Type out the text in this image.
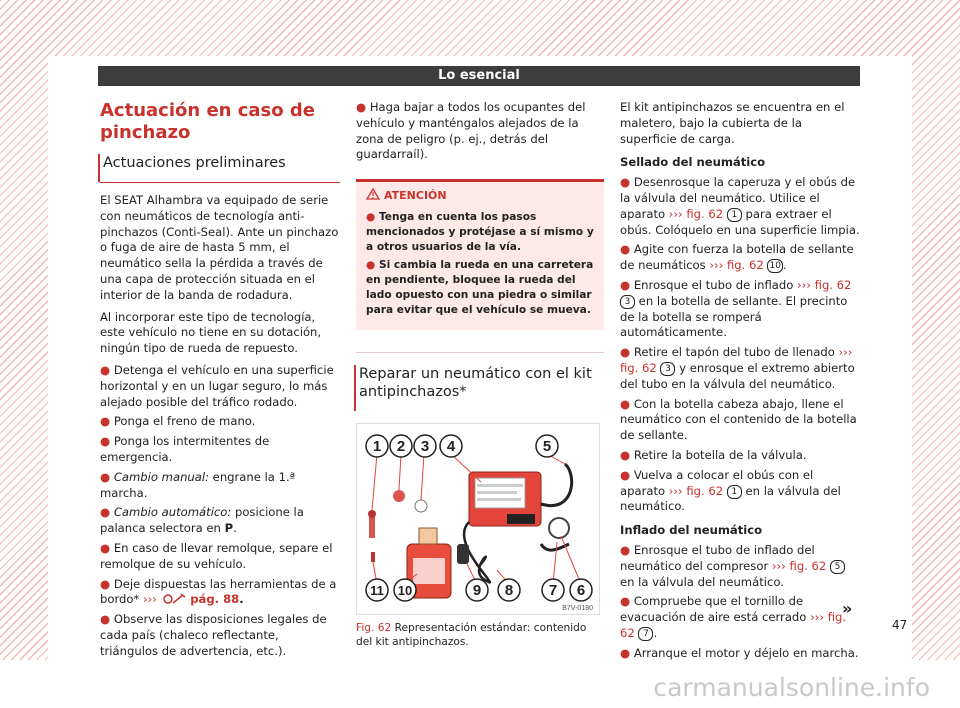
Lo esencial
Actuación en caso de pinchazo
Actuaciones preliminares

El SEAT Alhambra va equipado de serie con neumáticos de tecnología anti-pinchazos (Conti-Seal). Ante un pinchazo o fuga de aire de hasta 5 mm, el neumático sella la pérdida a través de una capa de protección situada en el interior de la banda de rodadura.

Al incorporar este tipo de tecnología, este vehículo no tiene en su dotación, ningún tipo de rueda de repuesto.

● Detenga el vehículo en una superficie horizontal y en un lugar seguro, lo más alejado posible del tráfico rodado.
● Ponga el freno de mano.
● Ponga los intermitentes de emergencia.
● Cambio manual: engrane la 1.ª marcha.
● Cambio automático: posicione la palanca selectora en P.
● En caso de llevar remolque, separe el remolque de su vehículo.
● Deje dispuestas las herramientas de a bordo* ›››	pág. 88.
● Observe las disposiciones legales de cada país (chaleco reflectante, triángulos de advertencia, etc.).
● Haga bajar a todos los ocupantes del vehículo y manténgalos alejados de la zona de peligro (p. ej., detrás del guardarraíl).
ATENCIÓN
● Tenga en cuenta los pasos mencionados y protéjase a sí mismo y a otros usuarios de la vía.
● Si cambia la rueda en una carretera en pendiente, bloquee la rueda del lado opuesto con una piedra o similar para evitar que el vehículo se mueva.
Reparar un neumático con el kit antipinchazos*
1 2 3 4	5
11 10	9 8 7 6
B7V-0180
Fig. 62 Representación estándar: contenido del kit antipinchazos.

El kit antipinchazos se encuentra en el maletero, bajo la cubierta de la superficie de carga.

Sellado del neumático
● Desenrosque la caperuza y el obús de la válvula del neumático. Utilice el aparato ››› fig. 62 1 para extraer el obús. Colóquelo en una superficie limpia.
● Agite con fuerza la botella de sellante de neumáticos ››› fig. 62 10 .
● Enrosque el tubo de inflado ››› fig. 62 3 en la botella de sellante. El precinto de la botella se romperá automáticamente.
● Retire el tapón del tubo de llenado ››› fig. 62 3 y enrosque el extremo abierto del tubo en la válvula del neumático.
● Con la botella cabeza abajo, llene el neumático con el contenido de la botella de sellante.
● Retire la botella de la válvula.
● Vuelva a colocar el obús con el aparato ››› fig. 62 1 en la válvula del neumático.
Inflado del neumático
● Enrosque el tubo de inflado del neumático del compresor ››› fig. 62 5 en la válvula del neumático.
● Compruebe que el tornillo de evacuación de aire está cerrado ››› fig. 62 7 .
● Arranque el motor y déjelo en marcha.
»
47
carmanualsonline.info
